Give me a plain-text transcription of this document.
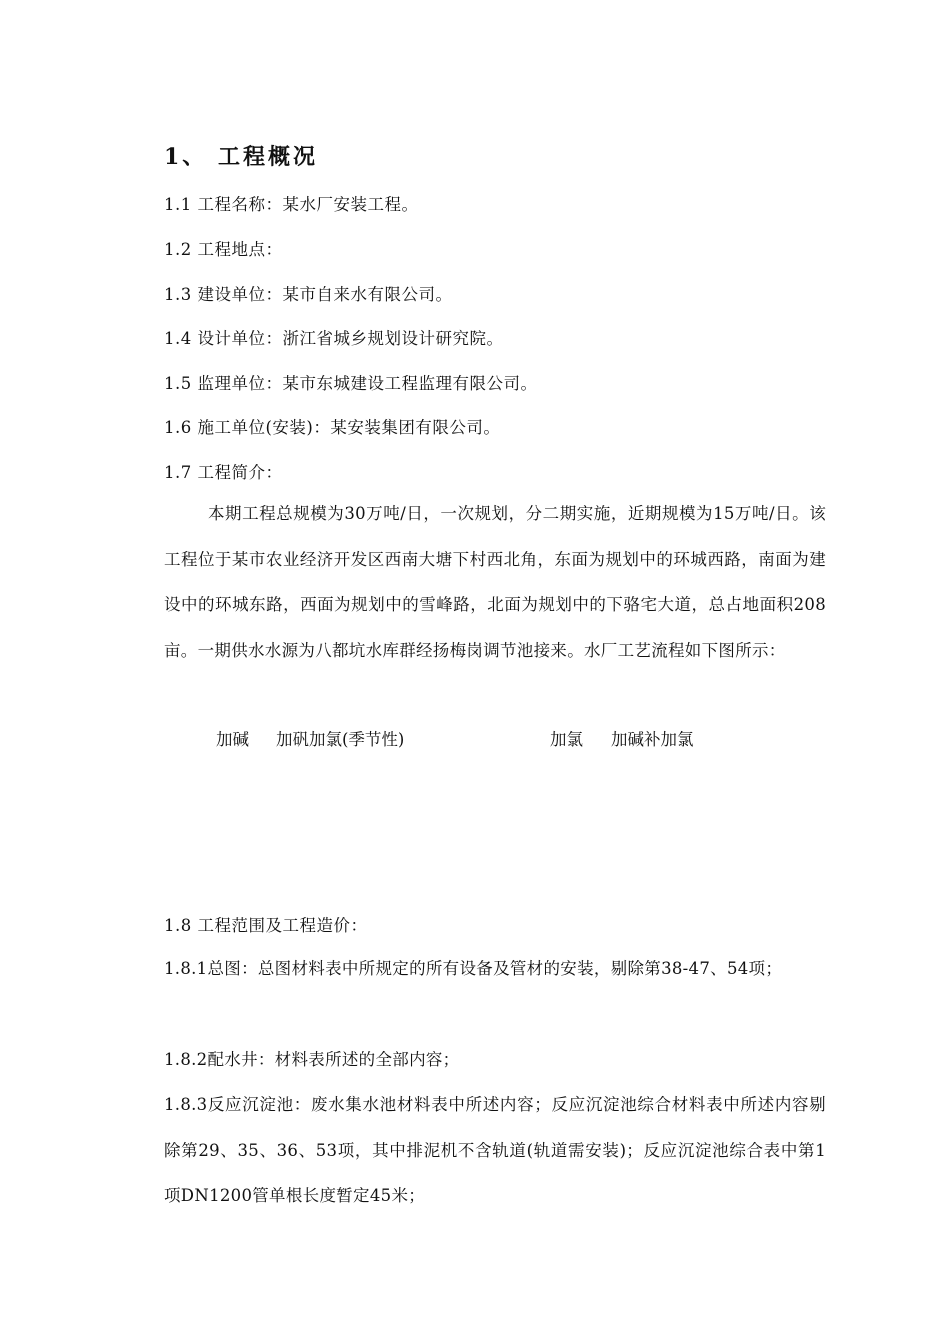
1、 工程概况
1.1 工程名称：某水厂安装工程。
1.2 工程地点：
1.3 建设单位：某市自来水有限公司。
1.4 设计单位：浙江省城乡规划设计研究院。
1.5 监理单位：某市东城建设工程监理有限公司。
1.6 施工单位(安装)：某安装集团有限公司。
1.7 工程简介：
本期工程总规模为30万吨/日，一次规划，分二期实施，近期规模为15万吨/日。该工程位于某市农业经济开发区西南大塘下村西北角，东面为规划中的环城西路，南面为建设中的环城东路，西面为规划中的雪峰路，北面为规划中的下骆宅大道，总占地面积208亩。一期供水水源为八都坑水库群经扬梅岗调节池接来。水厂工艺流程如下图所示：
加碱 加矾加氯(季节性)	加氯 加碱补加氯
1.8 工程范围及工程造价：
1.8.1总图：总图材料表中所规定的所有设备及管材的安装，剔除第38-47、54项；
1.8.2配水井：材料表所述的全部内容；
1.8.3反应沉淀池：废水集水池材料表中所述内容；反应沉淀池综合材料表中所述内容剔除第29、35、36、53项，其中排泥机不含轨道(轨道需安装)；反应沉淀池综合表中第1项DN1200管单根长度暂定45米；
